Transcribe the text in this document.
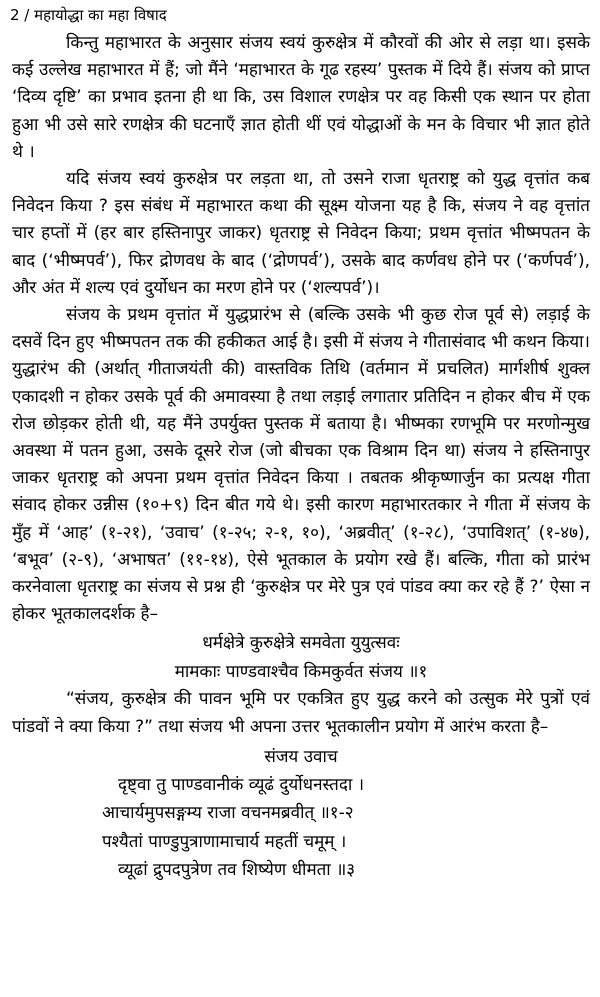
2 / महायोद्धा का महा विषाद

किन्तु महाभारत के अनुसार संजय स्वयं कुरुक्षेत्र में कौरवों की ओर से लड़ा था। इसके कई उल्लेख महाभारत में हैं; जो मैंने ‘महाभारत के गूढ रहस्य’ पुस्तक में दिये हैं। संजय को प्राप्त ‘दिव्य दृष्टि’ का प्रभाव इतना ही था कि, उस विशाल रणक्षेत्र पर वह किसी एक स्थान पर होता हुआ भी उसे सारे रणक्षेत्र की घटनाएँ ज्ञात होती थीं एवं योद्धाओं के मन के विचार भी ज्ञात होते थे ।

यदि संजय स्वयं कुरुक्षेत्र पर लड़ता था, तो उसने राजा धृतराष्ट्र को युद्ध वृत्तांत कब निवेदन किया ? इस संबंध में महाभारत कथा की सूक्ष्म योजना यह है कि, संजय ने वह वृत्तांत चार हप्तों में (हर बार हस्तिनापुर जाकर) धृतराष्ट्र से निवेदन किया; प्रथम वृत्तांत भीष्मपतन के बाद (‘भीष्मपर्व’), फिर द्रोणवध के बाद (‘द्रोणपर्व’), उसके बाद कर्णवध होने पर (‘कर्णपर्व’), और अंत में शल्य एवं दुर्योधन का मरण होने पर (‘शल्यपर्व’)।

संजय के प्रथम वृत्तांत में युद्धप्रारंभ से (बल्कि उसके भी कुछ रोज पूर्व से) लड़ाई के दसवें दिन हुए भीष्मपतन तक की हकीकत आई है। इसी में संजय ने गीतासंवाद भी कथन किया। युद्धारंभ की (अर्थात् गीताजयंती की) वास्तविक तिथि (वर्तमान में प्रचलित) मार्गशीर्ष शुक्ल एकादशी न होकर उसके पूर्व की अमावस्या है तथा लड़ाई लगातार प्रतिदिन न होकर बीच में एक रोज छोड़कर होती थी, यह मैंने उपर्युक्त पुस्तक में बताया है। भीष्मका रणभूमि पर मरणोन्मुख अवस्था में पतन हुआ, उसके दूसरे रोज (जो बीचका एक विश्राम दिन था) संजय ने हस्तिनापुर जाकर धृतराष्ट्र को अपना प्रथम वृत्तांत निवेदन किया । तबतक श्रीकृष्णार्जुन का प्रत्यक्ष गीता संवाद होकर उन्नीस (१०+९) दिन बीत गये थे। इसी कारण महाभारतकार ने गीता में संजय के मुँह में ‘आह’ (१-२१), ‘उवाच’ (१-२५; २-१, १०), ‘अब्रवीत्’ (१-२८), ‘उपाविशत्’ (१-४७), ‘बभूव’ (२-९), ‘अभाषत’ (११-१४), ऐसे भूतकाल के प्रयोग रखे हैं। बल्कि, गीता को प्रारंभ करनेवाला धृतराष्ट्र का संजय से प्रश्न ही ‘कुरुक्षेत्र पर मेरे पुत्र एवं पांडव क्या कर रहे हैं ?’ ऐसा न होकर भूतकालदर्शक है–

धर्मक्षेत्रे कुरुक्षेत्रे समवेता युयुत्सवः
मामकाः पाण्डवाश्चैव किमकुर्वत संजय ॥१

“संजय, कुरुक्षेत्र की पावन भूमि पर एकत्रित हुए युद्ध करने को उत्सुक मेरे पुत्रों एवं पांडवों ने क्या किया ?” तथा संजय भी अपना उत्तर भूतकालीन प्रयोग में आरंभ करता है–

संजय उवाच
दृष्ट्वा तु पाण्डवानीकं व्यूढं दुर्योधनस्तदा ।
आचार्यमुपसङ्गम्य राजा वचनमब्रवीत् ॥१-२
पश्यैतां पाण्डुपुत्राणामाचार्य महतीं चमूम् ।
व्यूढां द्रुपदपुत्रेण तव शिष्येण धीमता ॥३
